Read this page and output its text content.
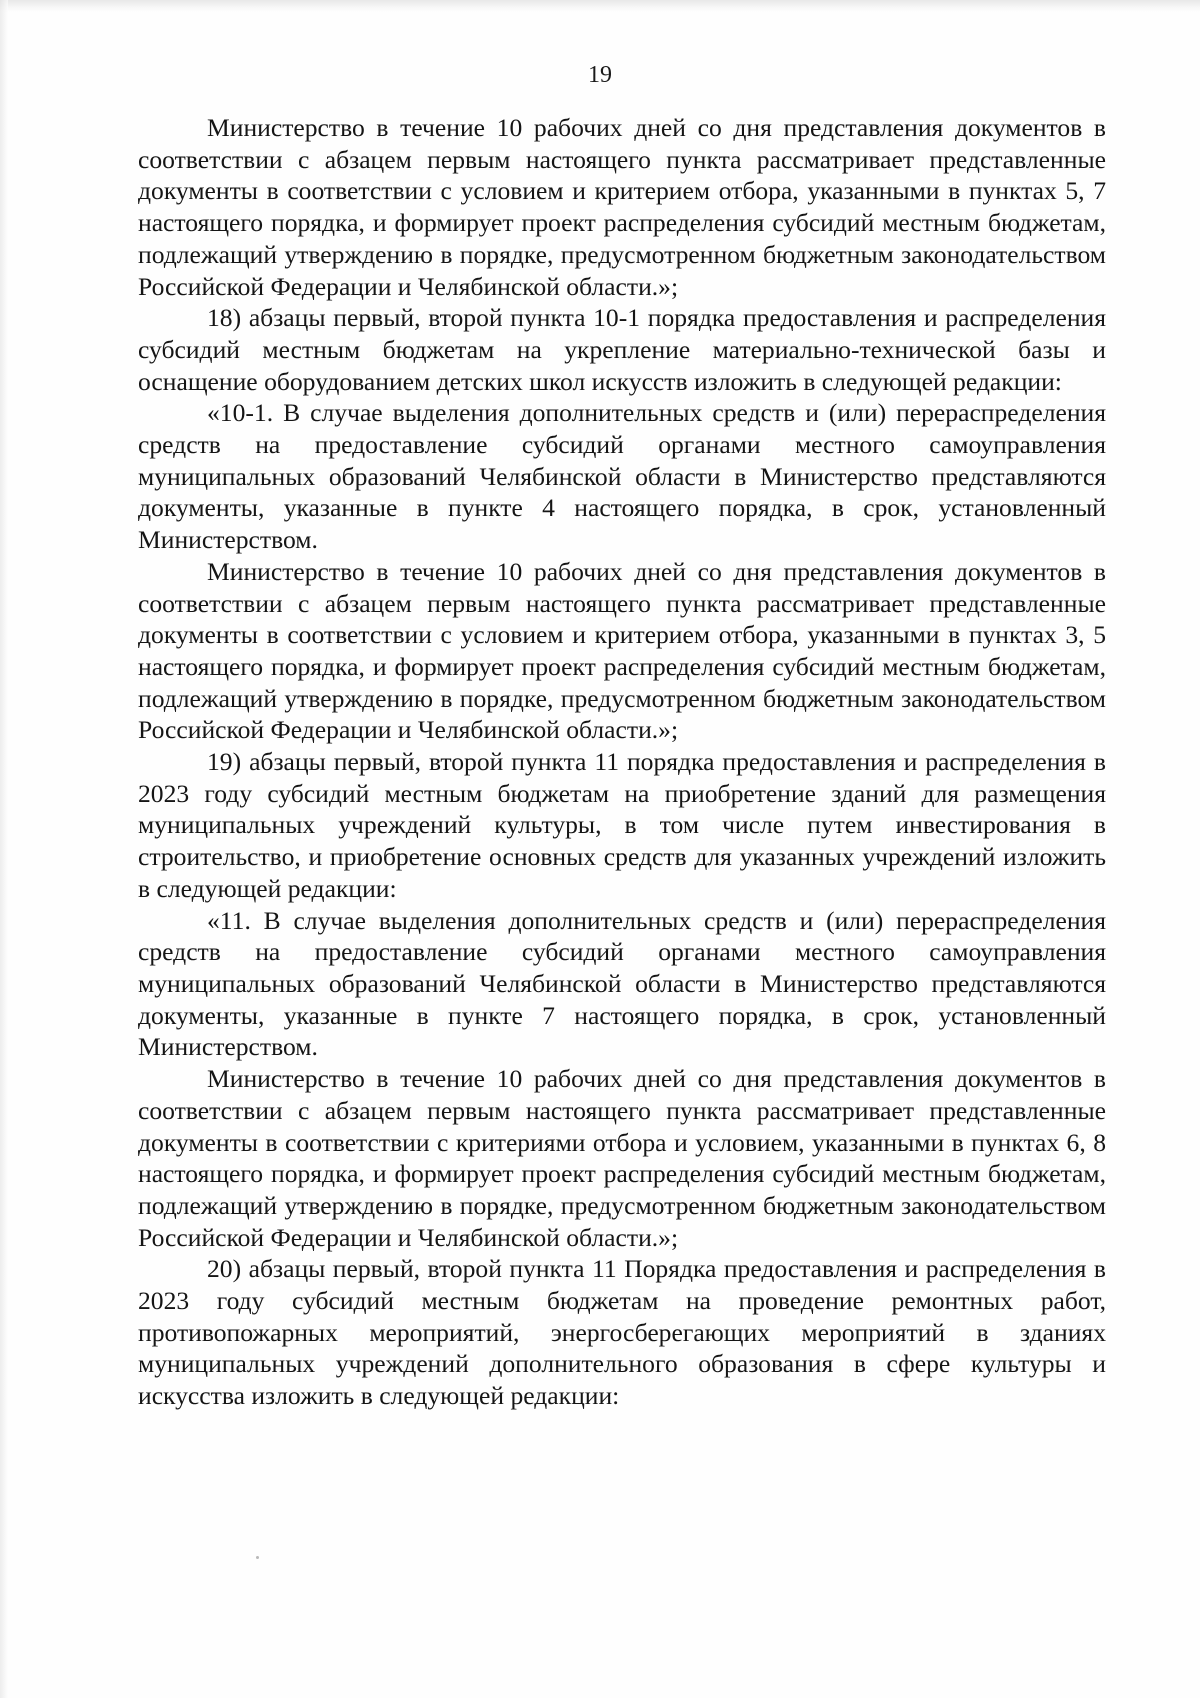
19

Министерство в течение 10 рабочих дней со дня представления документов в соответствии с абзацем первым настоящего пункта рассматривает представленные документы в соответствии с условием и критерием отбора, указанными в пунктах 5, 7 настоящего порядка, и формирует проект распределения субсидий местным бюджетам, подлежащий утверждению в порядке, предусмотренном бюджетным законодательством Российской Федерации и Челябинской области.»;

18) абзацы первый, второй пункта 10-1 порядка предоставления и распределения субсидий местным бюджетам на укрепление материально-технической базы и оснащение оборудованием детских школ искусств изложить в следующей редакции:

«10-1. В случае выделения дополнительных средств и (или) перераспределения средств на предоставление субсидий органами местного самоуправления муниципальных образований Челябинской области в Министерство представляются документы, указанные в пункте 4 настоящего порядка, в срок, установленный Министерством.

Министерство в течение 10 рабочих дней со дня представления документов в соответствии с абзацем первым настоящего пункта рассматривает представленные документы в соответствии с условием и критерием отбора, указанными в пунктах 3, 5 настоящего порядка, и формирует проект распределения субсидий местным бюджетам, подлежащий утверждению в порядке, предусмотренном бюджетным законодательством Российской Федерации и Челябинской области.»;

19) абзацы первый, второй пункта 11 порядка предоставления и распределения в 2023 году субсидий местным бюджетам на приобретение зданий для размещения муниципальных учреждений культуры, в том числе путем инвестирования в строительство, и приобретение основных средств для указанных учреждений изложить в следующей редакции:

«11. В случае выделения дополнительных средств и (или) перераспределения средств на предоставление субсидий органами местного самоуправления муниципальных образований Челябинской области в Министерство представляются документы, указанные в пункте 7 настоящего порядка, в срок, установленный Министерством.

Министерство в течение 10 рабочих дней со дня представления документов в соответствии с абзацем первым настоящего пункта рассматривает представленные документы в соответствии с критериями отбора и условием, указанными в пунктах 6, 8 настоящего порядка, и формирует проект распределения субсидий местным бюджетам, подлежащий утверждению в порядке, предусмотренном бюджетным законодательством Российской Федерации и Челябинской области.»;

20) абзацы первый, второй пункта 11 Порядка предоставления и распределения в 2023 году субсидий местным бюджетам на проведение ремонтных работ, противопожарных мероприятий, энергосберегающих мероприятий в зданиях муниципальных учреждений дополнительного образования в сфере культуры и искусства изложить в следующей редакции:
